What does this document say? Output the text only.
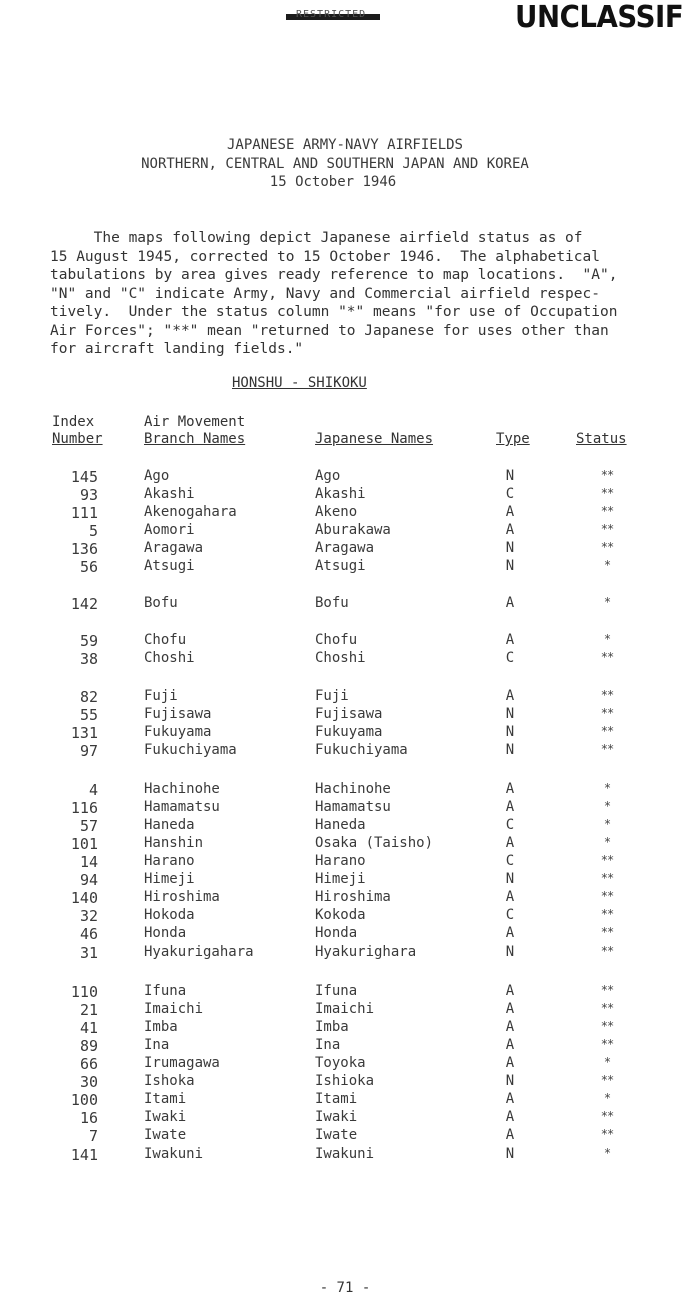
RESTRICTED	UNCLASSIF
JAPANESE ARMY-NAVY AIRFIELDS
NORTHERN, CENTRAL AND SOUTHERN JAPAN AND KOREA
15 October 1946
The maps following depict Japanese airfield status as of
15 August 1945, corrected to 15 October 1946.  The alphabetical
tabulations by area gives ready reference to map locations.  "A",
"N" and "C" indicate Army, Navy and Commercial airfield respec-
tively.  Under the status column "*" means "for use of Occupation
Air Forces"; "**" mean "returned to Japanese for uses other than
for aircraft landing fields."
HONSHU - SHIKOKU
Index
Number
Air Movement
Branch Names	Japanese Names	Type	Status
145	Ago	Ago	N	**
93	Akashi	Akashi	C	**
111	Akenogahara	Akeno	A	**
5	Aomori	Aburakawa	A	**
136	Aragawa	Aragawa	N	**
56	Atsugi	Atsugi	N	*
142	Bofu	Bofu	A	*
59	Chofu	Chofu	A	*
38	Choshi	Choshi	C	**
82	Fuji	Fuji	A	**
55	Fujisawa	Fujisawa	N	**
131	Fukuyama	Fukuyama	N	**
97	Fukuchiyama	Fukuchiyama	N	**
4	Hachinohe	Hachinohe	A	*
116	Hamamatsu	Hamamatsu	A	*
57	Haneda	Haneda	C	*
101	Hanshin	Osaka (Taisho)	A	*
14	Harano	Harano	C	**
94	Himeji	Himeji	N	**
140	Hiroshima	Hiroshima	A	**
32	Hokoda	Kokoda	C	**
46	Honda	Honda	A	**
31	Hyakurigahara	Hyakurighara	N	**
110	Ifuna	Ifuna	A	**
21	Imaichi	Imaichi	A	**
41	Imba	Imba	A	**
89	Ina	Ina	A	**
66	Irumagawa	Toyoka	A	*
30	Ishoka	Ishioka	N	**
100	Itami	Itami	A	*
16	Iwaki	Iwaki	A	**
7	Iwate	Iwate	A	**
141	Iwakuni	Iwakuni	N	*
- 71 -
